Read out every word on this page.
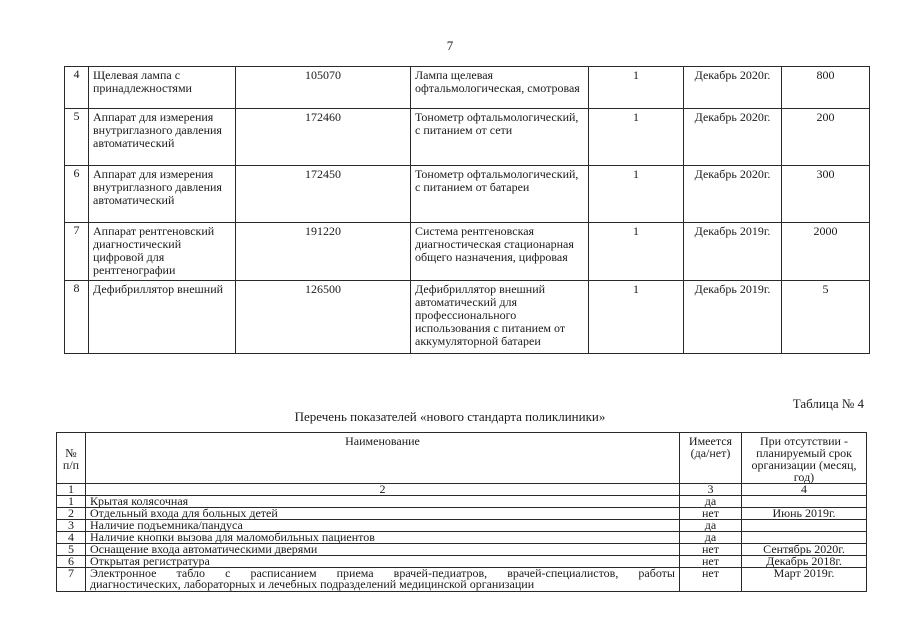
7
4	Щелевая лампа с принадлежностями	105070	Лампа щелевая офтальмологическая, смотровая	1	Декабрь 2020г.	800
5	Аппарат для измерения внутриглазного давления автоматический	172460	Тонометр офтальмологический, с питанием от сети	1	Декабрь 2020г.	200
6	Аппарат для измерения внутриглазного давления автоматический	172450	Тонометр офтальмологический, с питанием от батареи	1	Декабрь 2020г.	300
7	Аппарат рентгеновский диагностический цифровой для рентгенографии	191220	Система рентгеновская диагностическая стационарная общего назначения, цифровая	1	Декабрь 2019г.	2000
8	Дефибриллятор внешний	126500	Дефибриллятор внешний автоматический для профессионального использования с питанием от аккумуляторной батареи	1	Декабрь 2019г.	5
Таблица № 4
Перечень показателей «нового стандарта поликлиники»
№ п/п	Наименование	Имеется (да/нет)	При отсутствии - планируемый срок организации (месяц, год)
1	2	3	4
1	Крытая колясочная	да	
2	Отдельный входа для больных детей	нет	Июнь 2019г.
3	Наличие подъемника/пандуса	да	
4	Наличие кнопки вызова для маломобильных пациентов	да	
5	Оснащение входа автоматическими дверями	нет	Сентябрь 2020г.
6	Открытая регистратура	нет	Декабрь 2018г.
7	Электронное табло с расписанием приема врачей-педиатров, врачей-специалистов, работы
диагностических, лабораторных и лечебных подразделений медицинской организации	нет	Март 2019г.
